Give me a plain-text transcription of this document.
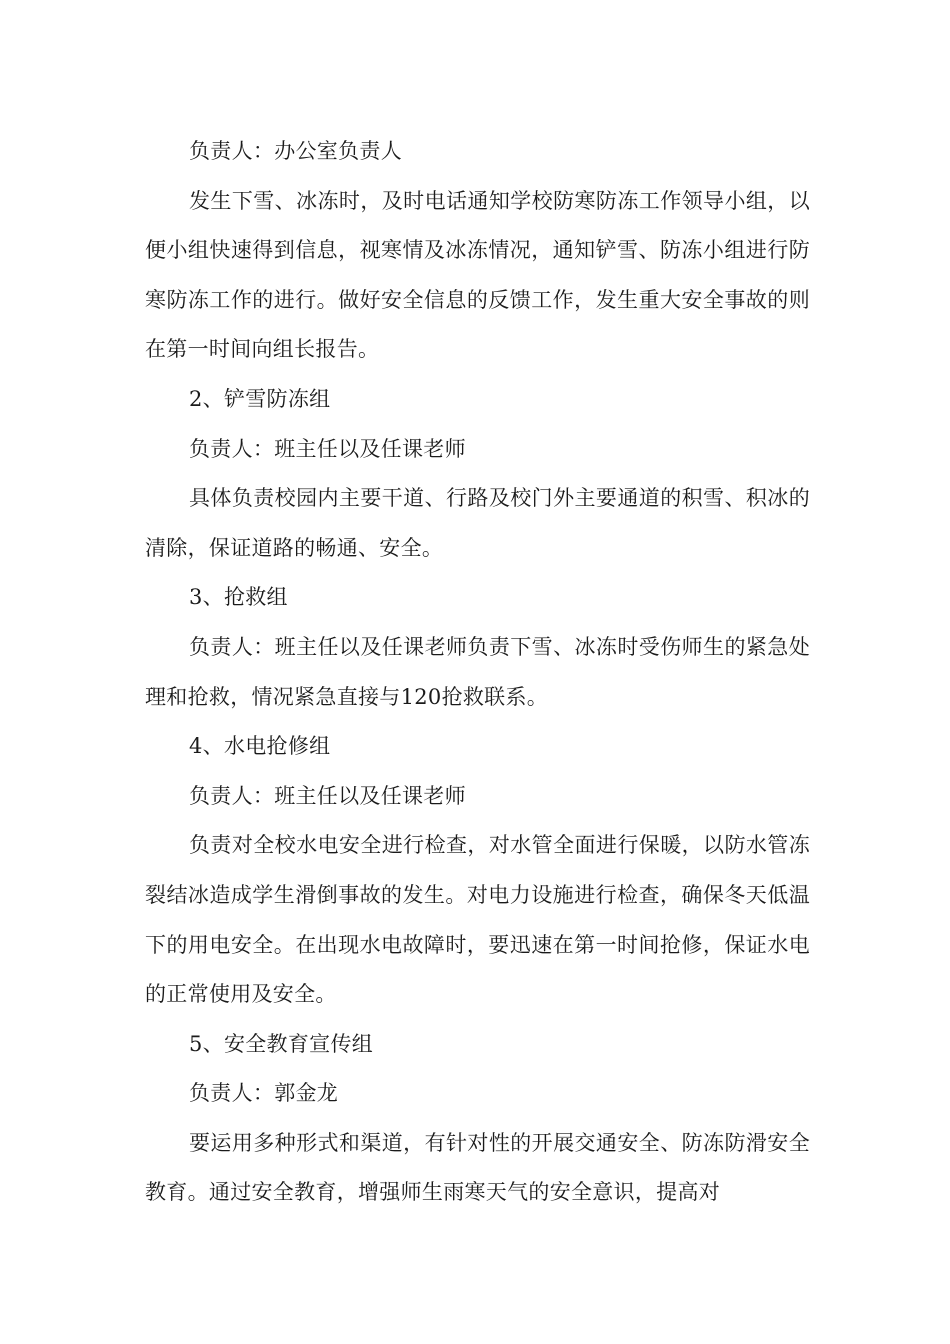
负责人：办公室负责人

发生下雪、冰冻时，及时电话通知学校防寒防冻工作领导小组，以便小组快速得到信息，视寒情及冰冻情况，通知铲雪、防冻小组进行防寒防冻工作的进行。做好安全信息的反馈工作，发生重大安全事故的则在第一时间向组长报告。

2、铲雪防冻组

负责人：班主任以及任课老师

具体负责校园内主要干道、行路及校门外主要通道的积雪、积冰的清除，保证道路的畅通、安全。

3、抢救组

负责人：班主任以及任课老师负责下雪、冰冻时受伤师生的紧急处理和抢救，情况紧急直接与120抢救联系。

4、水电抢修组

负责人：班主任以及任课老师

负责对全校水电安全进行检查，对水管全面进行保暖，以防水管冻裂结冰造成学生滑倒事故的发生。对电力设施进行检查，确保冬天低温下的用电安全。在出现水电故障时，要迅速在第一时间抢修，保证水电的正常使用及安全。

5、安全教育宣传组

负责人：郭金龙

要运用多种形式和渠道，有针对性的开展交通安全、防冻防滑安全教育。通过安全教育，增强师生雨寒天气的安全意识，提高对
